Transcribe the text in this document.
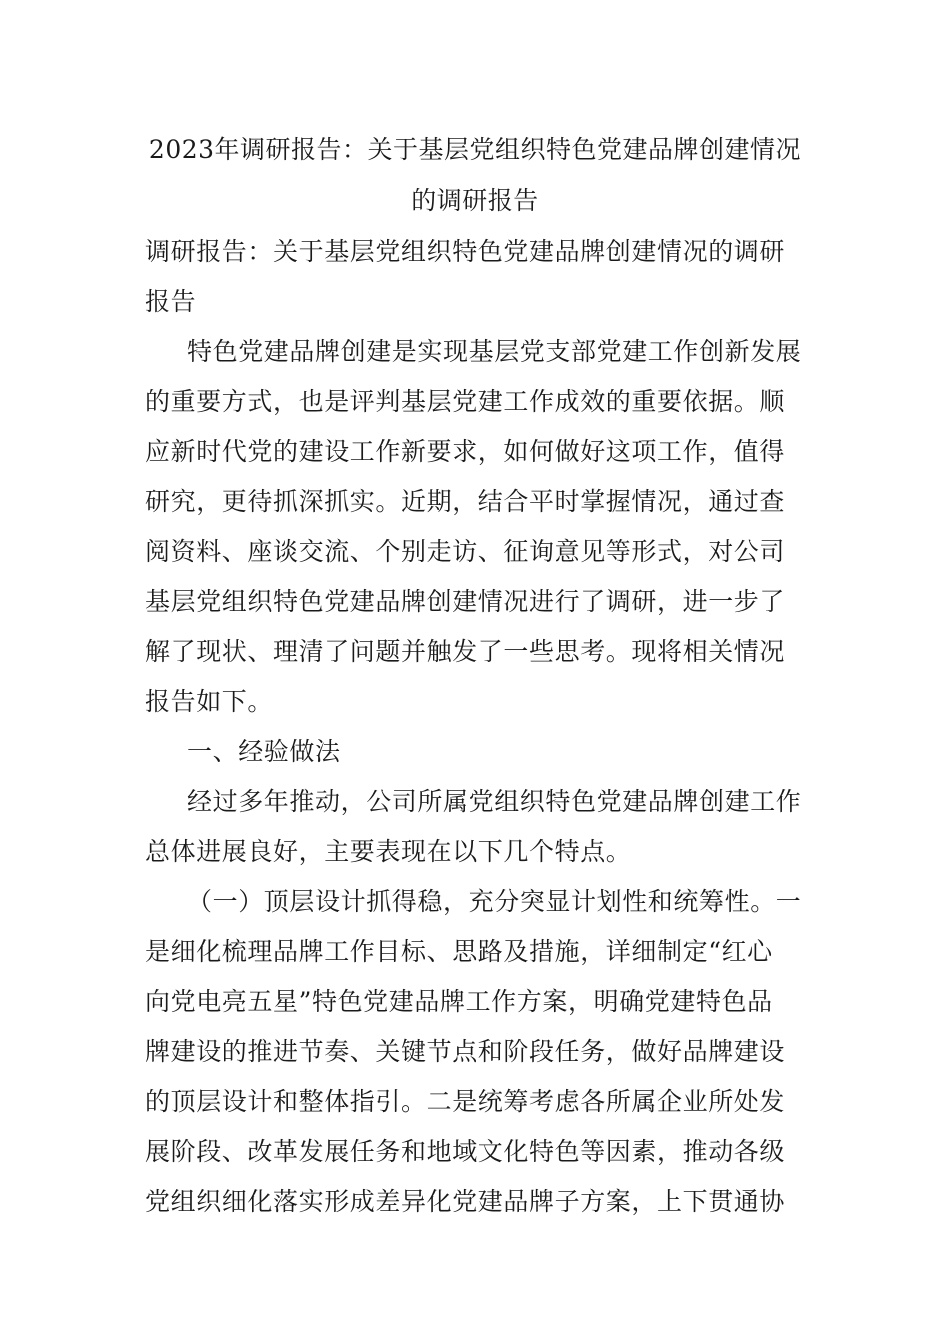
2023年调研报告：关于基层党组织特色党建品牌创建情况
的调研报告
调研报告：关于基层党组织特色党建品牌创建情况的调研
报告
特色党建品牌创建是实现基层党支部党建工作创新发展
的重要方式，也是评判基层党建工作成效的重要依据。顺
应新时代党的建设工作新要求，如何做好这项工作，值得
研究，更待抓深抓实。近期，结合平时掌握情况，通过查
阅资料、座谈交流、个别走访、征询意见等形式，对公司
基层党组织特色党建品牌创建情况进行了调研，进一步了
解了现状、理清了问题并触发了一些思考。现将相关情况
报告如下。
一、经验做法
经过多年推动，公司所属党组织特色党建品牌创建工作
总体进展良好，主要表现在以下几个特点。
（一）顶层设计抓得稳，充分突显计划性和统筹性。一
是细化梳理品牌工作目标、思路及措施，详细制定“红心
向党电亮五星”特色党建品牌工作方案，明确党建特色品
牌建设的推进节奏、关键节点和阶段任务，做好品牌建设
的顶层设计和整体指引。二是统筹考虑各所属企业所处发
展阶段、改革发展任务和地域文化特色等因素，推动各级
党组织细化落实形成差异化党建品牌子方案，上下贯通协
